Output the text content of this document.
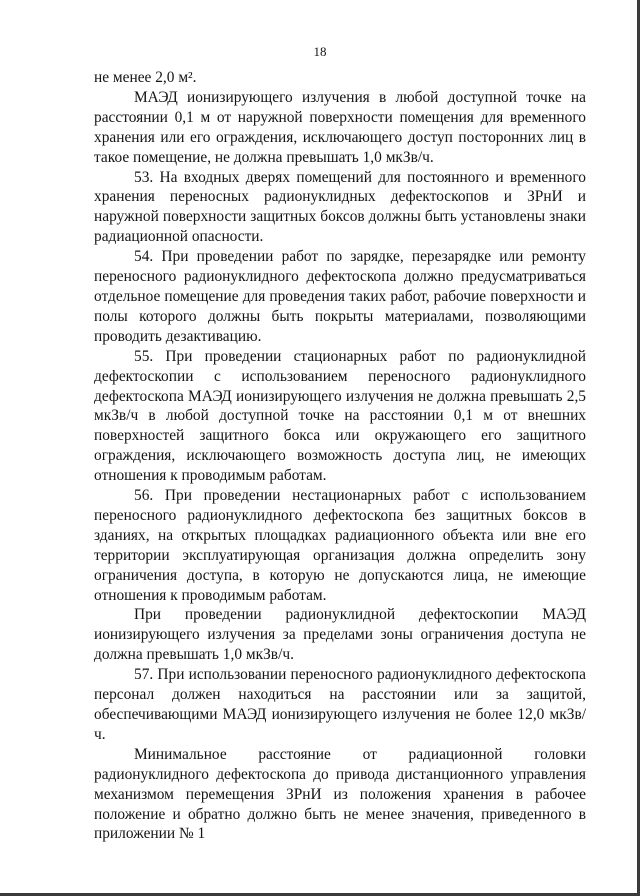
18

не менее 2,0 м².

МАЭД ионизирующего излучения в любой доступной точке на расстоянии 0,1 м от наружной поверхности помещения для временного хранения или его ограждения, исключающего доступ посторонних лиц в такое помещение, не должна превышать 1,0 мкЗв/ч.

53. На входных дверях помещений для постоянного и временного хранения переносных радионуклидных дефектоскопов и ЗРнИ и наружной поверхности защитных боксов должны быть установлены знаки радиационной опасности.

54. При проведении работ по зарядке, перезарядке или ремонту переносного радионуклидного дефектоскопа должно предусматриваться отдельное помещение для проведения таких работ, рабочие поверхности и полы которого должны быть покрыты материалами, позволяющими проводить дезактивацию.

55. При проведении стационарных работ по радионуклидной дефектоскопии с использованием переносного радионуклидного дефектоскопа МАЭД ионизирующего излучения не должна превышать 2,5 мкЗв/ч в любой доступной точке на расстоянии 0,1 м от внешних поверхностей защитного бокса или окружающего его защитного ограждения, исключающего возможность доступа лиц, не имеющих отношения к проводимым работам.

56. При проведении нестационарных работ с использованием переносного радионуклидного дефектоскопа без защитных боксов в зданиях, на открытых площадках радиационного объекта или вне его территории эксплуатирующая организация должна определить зону ограничения доступа, в которую не допускаются лица, не имеющие отношения к проводимым работам.

При проведении радионуклидной дефектоскопии МАЭД ионизирующего излучения за пределами зоны ограничения доступа не должна превышать 1,0 мкЗв/ч.

57. При использовании переносного радионуклидного дефектоскопа персонал должен находиться на расстоянии или за защитой, обеспечивающими МАЭД ионизирующего излучения не более 12,0 мкЗв/ч.

Минимальное расстояние от радиационной головки радионуклидного дефектоскопа до привода дистанционного управления механизмом перемещения ЗРнИ из положения хранения в рабочее положение и обратно должно быть не менее значения, приведенного в приложении № 1
